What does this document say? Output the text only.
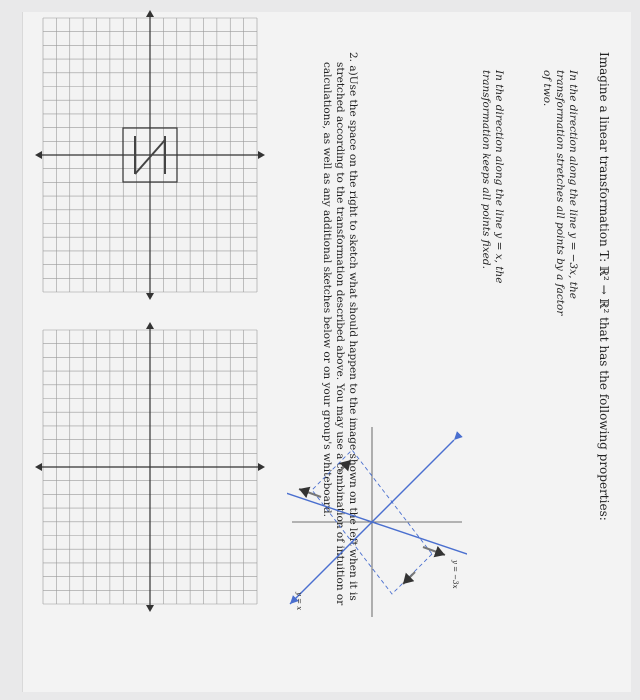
Imagine a linear transformation T: ℝ² → ℝ² that has the following properties:
In the direction along the line y = −3x, the
transformation stretches all points by a factor
of two.
In the direction along the line y = x, the
transformation keeps all points fixed.
2. a)Use the space on the right to sketch what should happen to the image shown on the left when it is
stretched according to the transformation described above. You may use a combination of intuition or
calculations, as well as any additional sketches below or on your group's whiteboard.
y = −3x
y = x
